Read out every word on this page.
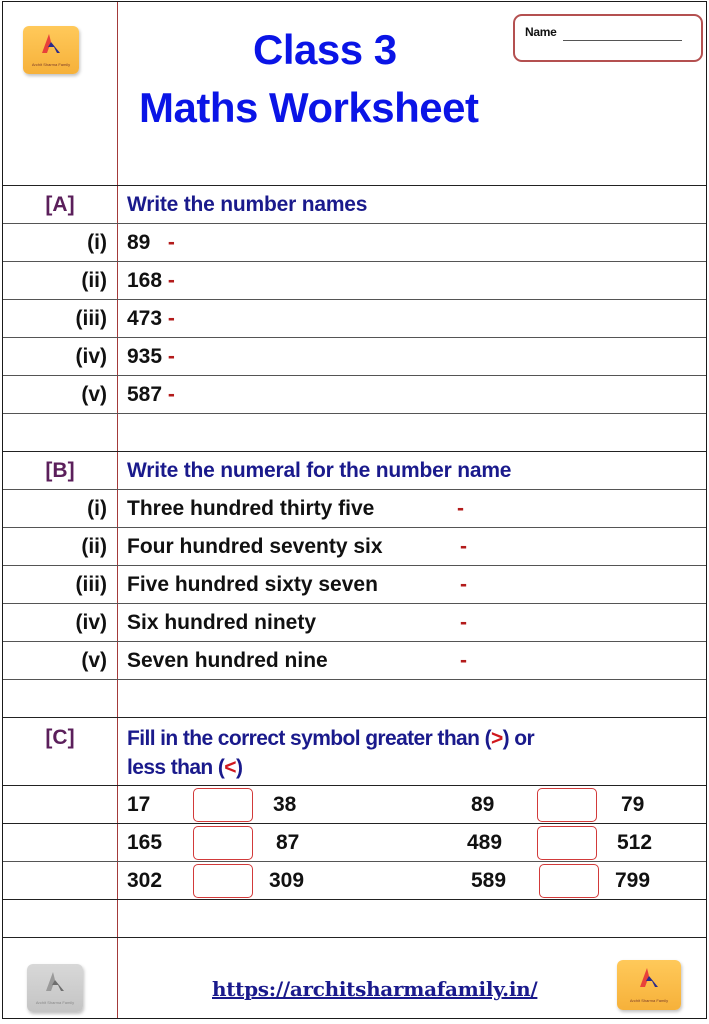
Archit Sharma Family	Class 3
Maths Worksheet
Name
[A]	Write the number names
(i) 89 -
(ii) 168 -
(iii) 473 -
(iv) 935 -
(v) 587 -
[B]	Write the numeral for the number name
(i) Three hundred thirty five	-
(ii) Four hundred seventy six	-
(iii) Five hundred sixty seven	-
(iv) Six hundred ninety	-
(v) Seven hundred nine	-
[C]	Fill in the correct symbol greater than (>) or
less than (<)
17	38	89	79
165	87	489	512
302	309	589	799
Archit Sharma Family	Archit Sharma Family
https://architsharmafamily.in/
